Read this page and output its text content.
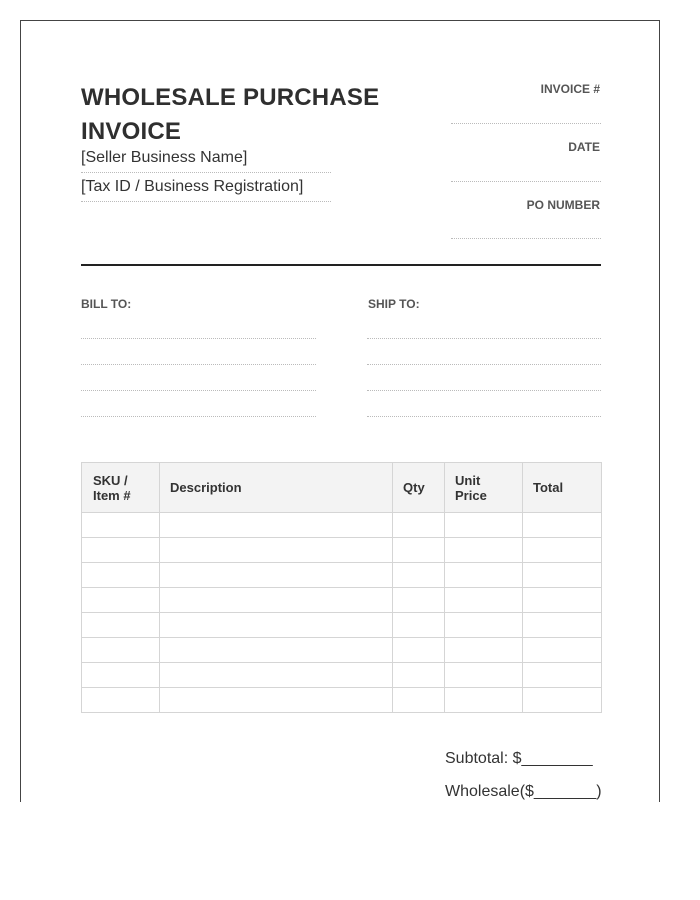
WHOLESALE PURCHASE
INVOICE
[Seller Business Name]
[Tax ID / Business Registration]
INVOICE #
DATE
PO NUMBER
BILL TO:	SHIP TO:
SKU / Item #	Description	Qty	Unit Price	Total

Subtotal: $________
Wholesale($_______)
